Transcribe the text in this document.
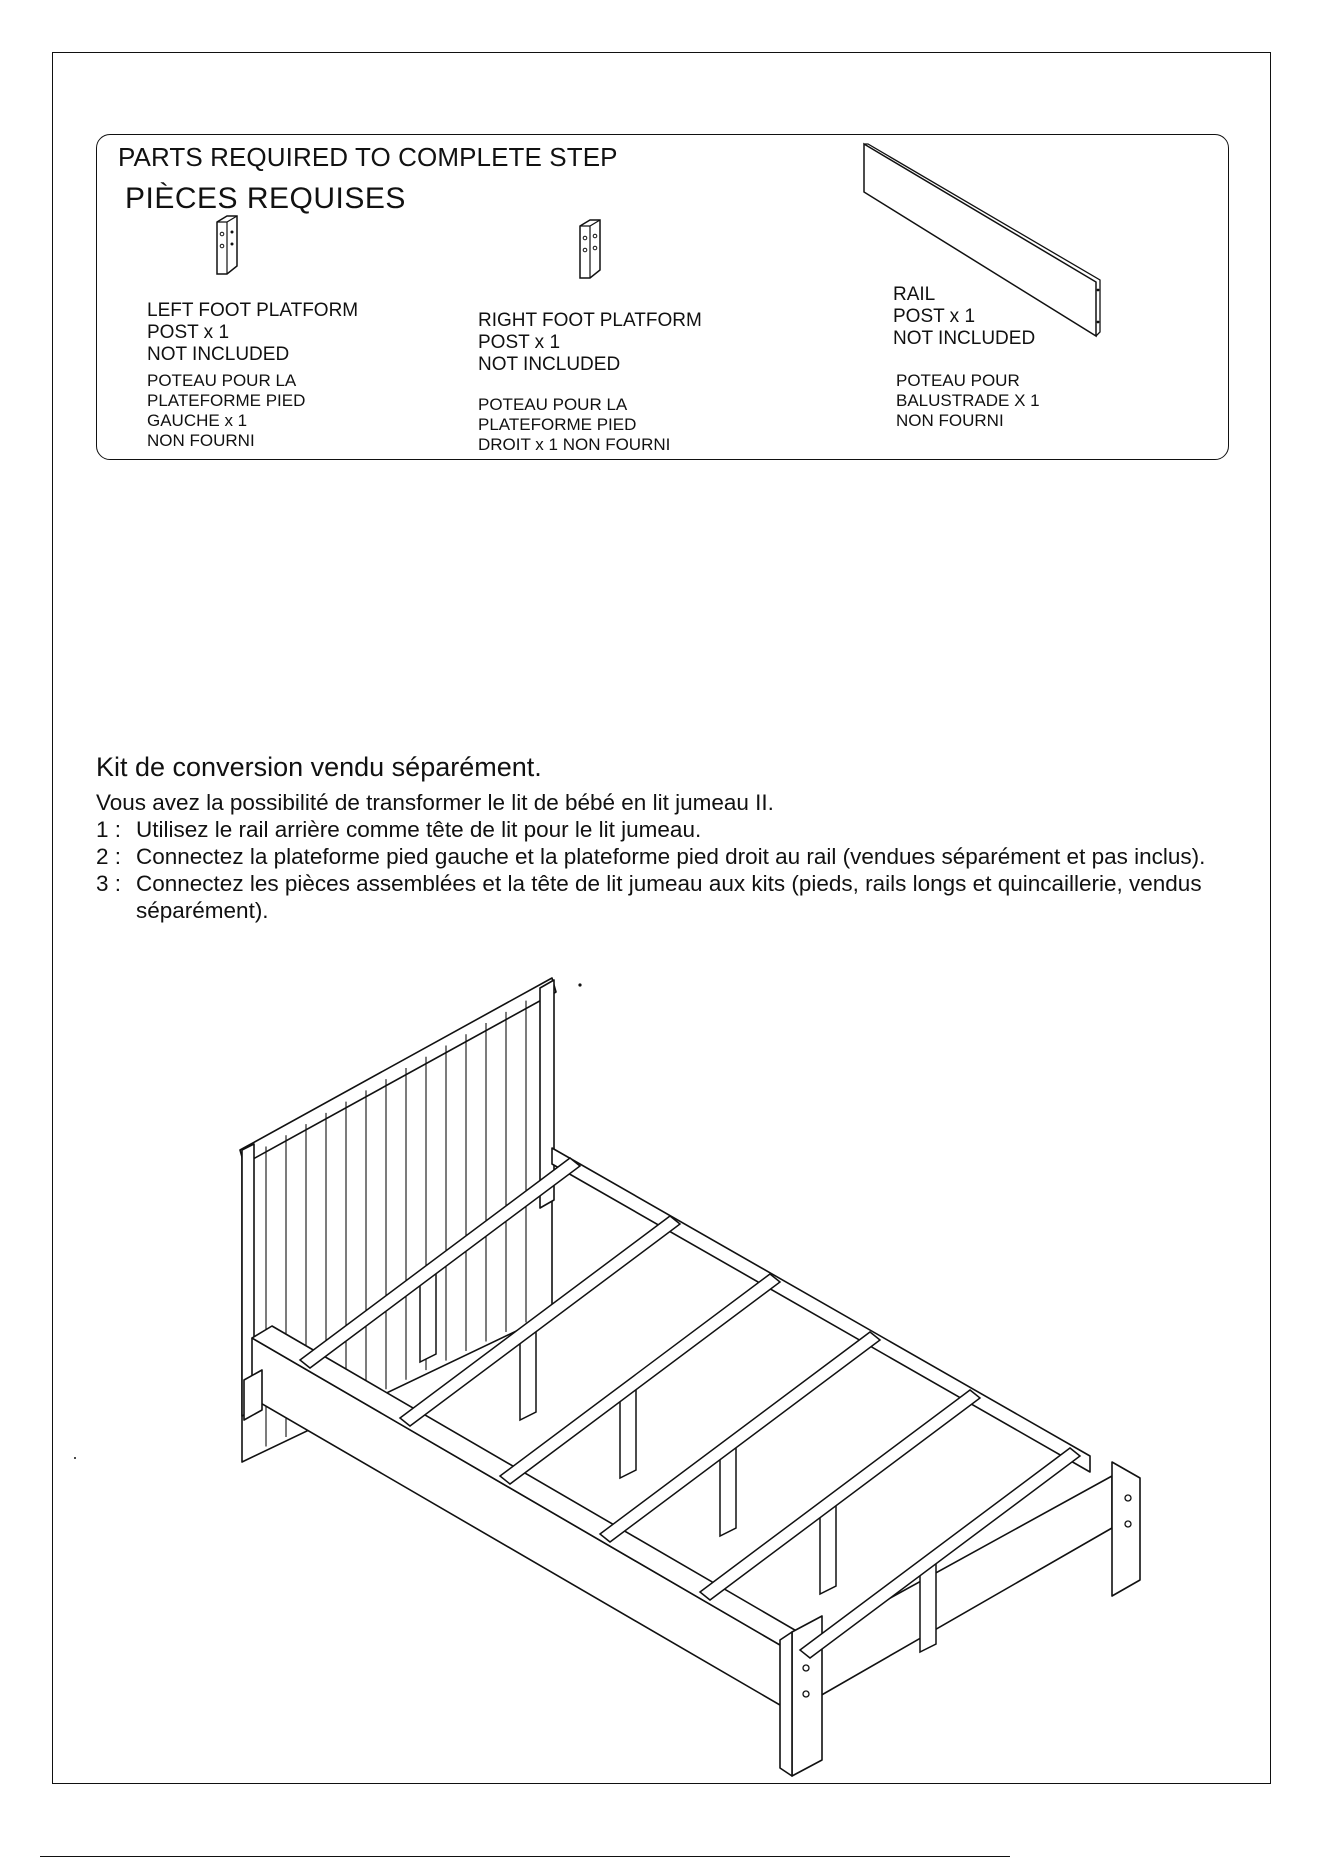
PARTS REQUIRED TO COMPLETE STEP
PIÈCES REQUISES
LEFT FOOT PLATFORM
POST x 1
NOT INCLUDED
POTEAU POUR LA
PLATEFORME PIED
GAUCHE x 1
NON FOURNI
RIGHT FOOT PLATFORM
POST x 1
NOT INCLUDED
POTEAU POUR LA
PLATEFORME PIED
DROIT x 1 NON FOURNI
RAIL
POST x 1
NOT INCLUDED
POTEAU POUR
BALUSTRADE X 1
NON FOURNI
Kit de conversion vendu séparément.
Vous avez la possibilité de transformer le lit de bébé en lit jumeau II.
1 : Utilisez le rail arrière comme tête de lit pour le lit jumeau.
2 : Connectez la plateforme pied gauche et la plateforme pied droit au rail (vendues séparément et pas inclus).
3 : Connectez les pièces assemblées et la tête de lit jumeau aux kits (pieds, rails longs et quincaillerie, vendus séparément).
